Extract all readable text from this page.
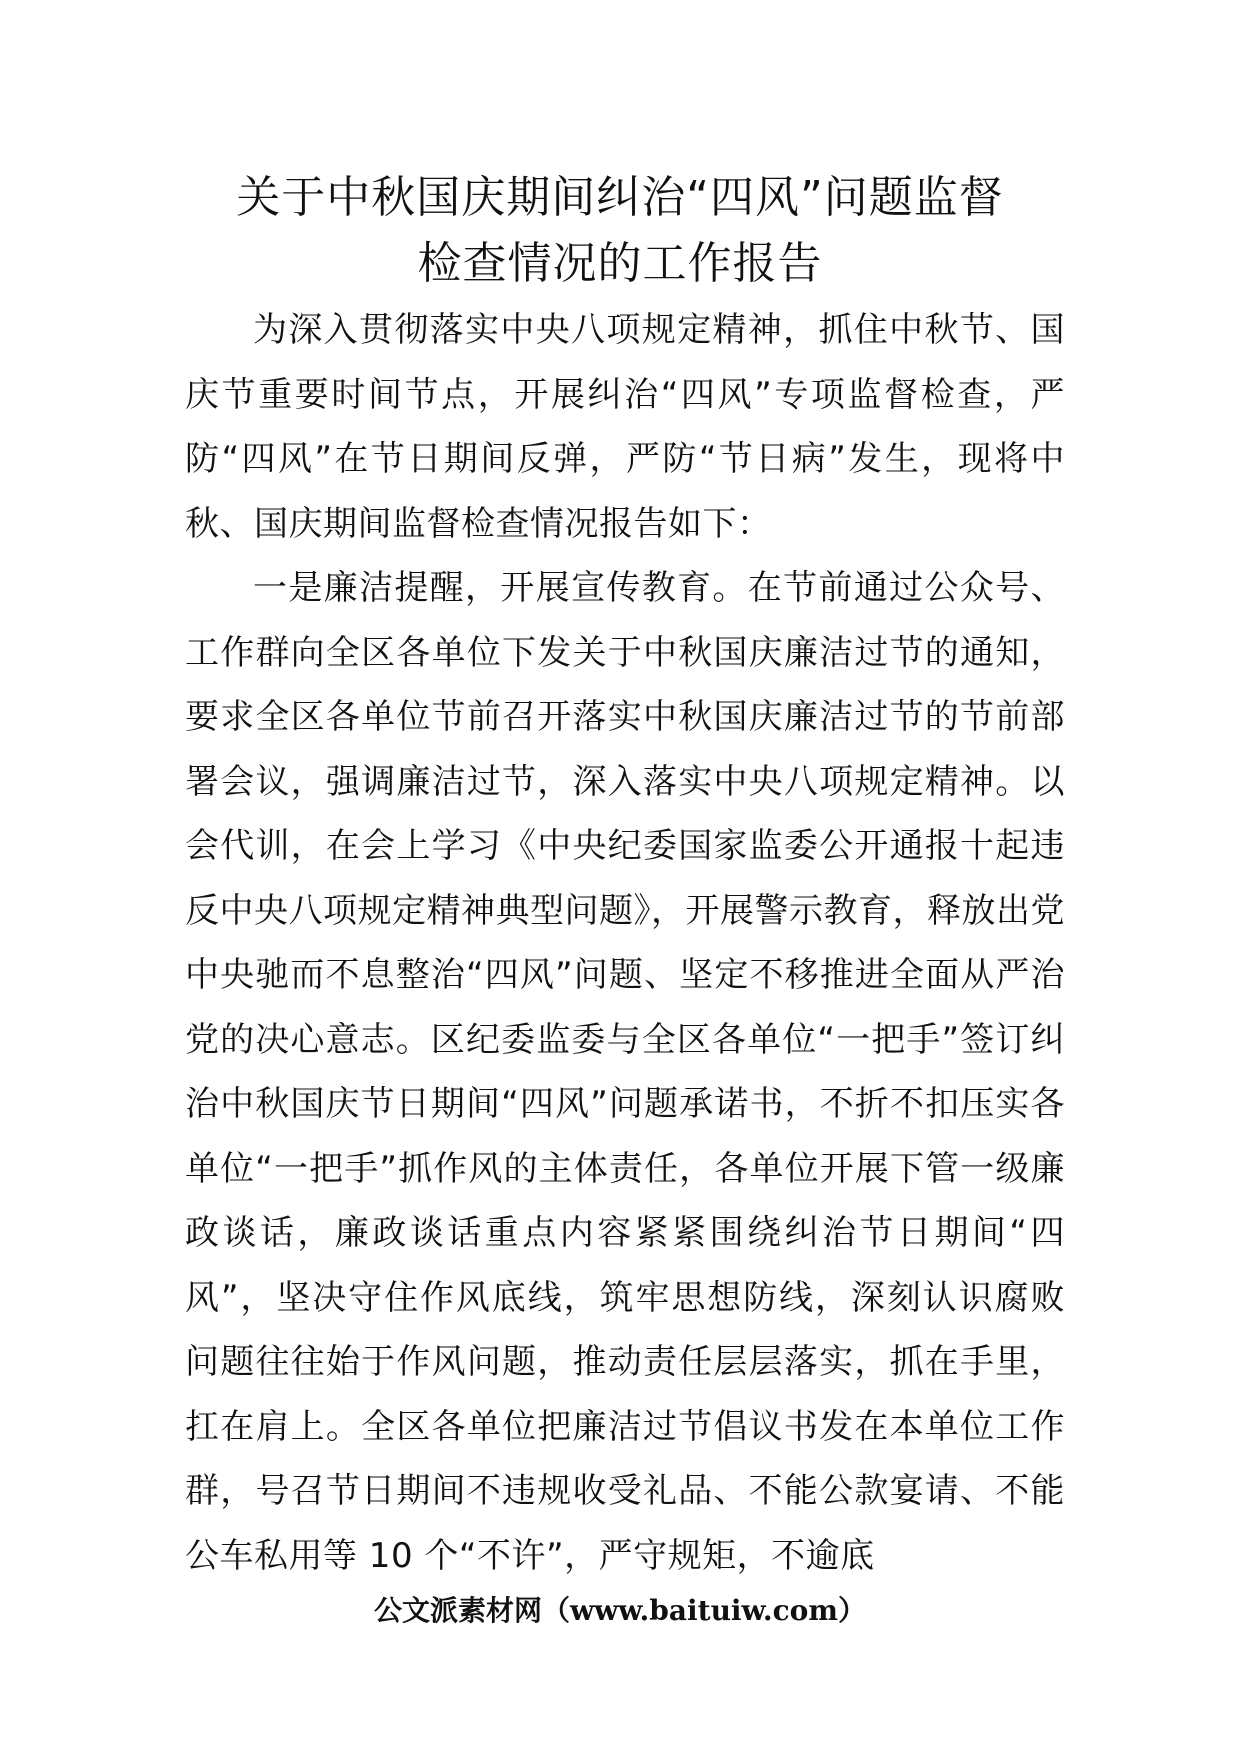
关于中秋国庆期间纠治“四风”问题监督
检查情况的工作报告

为深入贯彻落实中央八项规定精神，抓住中秋节、国庆节重要时间节点，开展纠治“四风”专项监督检查，严防“四风”在节日期间反弹，严防“节日病”发生，现将中秋、国庆期间监督检查情况报告如下：

一是廉洁提醒，开展宣传教育。在节前通过公众号、工作群向全区各单位下发关于中秋国庆廉洁过节的通知，要求全区各单位节前召开落实中秋国庆廉洁过节的节前部署会议，强调廉洁过节，深入落实中央八项规定精神。以会代训，在会上学习《中央纪委国家监委公开通报十起违反中央八项规定精神典型问题》，开展警示教育，释放出党中央驰而不息整治“四风”问题、坚定不移推进全面从严治党的决心意志。区纪委监委与全区各单位“一把手”签订纠治中秋国庆节日期间“四风”问题承诺书，不折不扣压实各单位“一把手”抓作风的主体责任，各单位开展下管一级廉政谈话，廉政谈话重点内容紧紧围绕纠治节日期间“四风”，坚决守住作风底线，筑牢思想防线，深刻认识腐败问题往往始于作风问题，推动责任层层落实，抓在手里，扛在肩上。全区各单位把廉洁过节倡议书发在本单位工作群，号召节日期间不违规收受礼品、不能公款宴请、不能公车私用等 10 个“不许”，严守规矩，不逾底

公文派素材网（www.baituiw.com）
